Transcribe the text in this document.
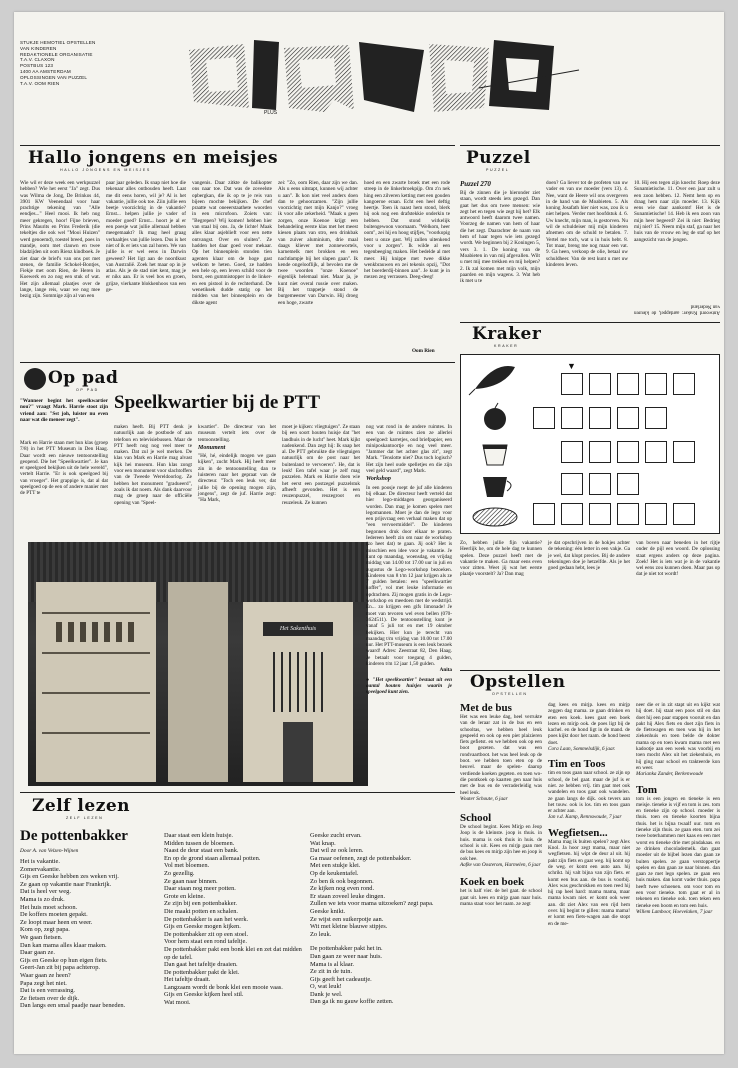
STUKJE HEMOTIEL OPSTELLEN
VAN KINDEREN
REDAKTIONELE ORGANISATIE
T.A.V. CLAXON
POSTBUS 123
1400 AA AMSTERDAM
OPLOSSINGEN VAN PUZZEL
T.A.V. OOM RIEN
PLUS
Hallo jongens en meisjes
HALLO JONGENS EN MEISJES
Wie wil er deze week een werkpuzzel hebben? Wie het eerst "Ja" zegt. Dus was Wilma de Jong, De Brinkos 44, 3901 KW Veenendaal voor haar prachtige tekening van "Alle eendjes..." Heel mooi. Ik heb nog meer gekregen, hoor! Fijne brieven, Prins Maurits en Prins Frederik (die tekeltjes die ook wel "Mooi Huizen" werd genoemd), roestel breed, poes in mandje, oom met clauwn en twee bladzijden uit oom Rienz kindboek. Je ziet daar de brief's van ons pot met stenen, de familie Schokel-Bontjes, Fiekje met oom Rien, de Heren in Koewerk en zo nog een stuk of wat. Het zijn allemaal plaatjes over de lange, lange reis, waar we nog mee bezig zijn. Sommige zijn al van een
paar jaar geleden. Ik snap niet hoe die tekenaar alles ontbouden heeft. Laat me dit eens horen, wil je? Al is het vakantie, jullie ook toe. Ziin jullie een beetje voorzichtig in de vakantie? Ernst... helpen jullie je vader of moeder goed? Ernst... hoort je al er een poesje wat jullie allemaal hebben meegemaakt? Ik mag heel graag verhaaltjes van jullie lezen. Dus is het niet of ik er iets van zal horen. We van jullie is er wel eens in Darwin geweest? Het ligt aan de noordkust van Australië. Zoek het maar op in je atlas. Als je de stad niet kent, mag je er niks aan. Er is veel bos en groen, grijze, vierkante blokkenhoos van een ge-
vangenis. Daar zitkte de balikopter ons naar toe. Dat was de zoveelste opbergkan, die ik op te je reis van bijeen mochte bekijken. De chef praatte wat oneeerstaathete woorden in een microfoon. Zoiets van: "Begrepen? Wij komen! hebben hier van staal bij ons. Ja, de lichte! Maak alles klaar asjeblieft voor een nette ontvangst. Over en sluiten". Ze hadden het daar goed voor mekaar. Op het binnenplein stonden tien agenten klaar om de hoge gast welkom te heten. Goed, ze hadden een hele op, een leven schild voor de borst, een gummistopper in de linker- en een pistool in de rechterhand. De wenetiksek dudde statig op het midden van het binnenplein en de dikste agent
zei: "Zo, oom Rien, daar zijn we dan. Als u eens uitstapt, kunnen wij achter u aan". Ik kon niet veel anders doen dan te gehoorzamen. "Zijn jullie voorzichtig met mijn Kanjo?" vroeg ik voor alle zekerheid. "Maak u geen zorgen, onze Koenoe krijgt een behandeling eerste klas met het meest kiesen plaats van stro, een drinkbak van zuiver aluminium, drie maal daags kliever met zonnewortels, karnemelk met brokken en een nachtlampje bij het slapen gaan". Ik kende ongelooflijk, al bevolen me de twee woorden "onze Koenoe" eigenlijk helemaal niet. Maar ja, je kunt niet overal russie over maken. Bij het trappetje stond de burgemeester van Darwin. Hij droeg een hoge, zwarte
hoed en een zwarte broek met een rode streep in de linkerbroekpijp. Om z'n nek hing een zilveren ketting met een gouden kangoeroe eraan. Echt een heel deftig heertje. Toen ik naast hem stond, blerk hij ook nog een drafstekkie onderkin te hebben. Dat stond wirkelijk buitengewoon voornaam. "Welkom, heer oom", zei hij en hoog stijfjes, "voorkopig bent u onze gast. Wij zullen uitenkend voor u zorgen". Ik wilde al een tegenbeeging maken. Het bedelde al met meer. Hij knippe met twee dikke wenkbrauwen en zei tekenis opzij, "Dot het boerderdij-binnen aan". Je kunt je in mezen zeg verrassen. Deeg-deeg!
Oom Rien
Puzzel
PUZZEL
Puzzel 270
Bij de zinnen die je hieronder ziet staan, wordt steeds iets gezegd. Dan gaat het dus om twee mensen: wie zegt het en tegen wie zegt hij het? Elk antwoord heeft daarom twee namen. Voorzeg de namen van hem of haar die het zegt. Daarachter de naam van hem of haar tegen wie iets gezegd wordt. We beginnen bij 2 Koningen 5, vers 3. 1. De koning van de Moabieten in van mij afgevallen. Wilt u met mij mee trekken en mij helpen? 2. Ik zal komen met mijn volk, mijn paarden en mijn wagens. 3. Wat heb ik met u te
doen? Ga liever tot de profeten van uw vader en van uw moeder (vers 13). 4. Nee, want de Heere wil ons overgeven in de hand van de Moabieten. 5. Als koning Josafath hier niet was, zou ik u niet helpen. Verder met hoofdstuk 4. 6. Uw knecht, mijn man, is gestorven. Nu wil de schuldeiser mij mijn kinderen afnemen om de schuld te betalen. 7. Vertel me toch, wat u in huis hebt. 8. Tot maar, breng me nog maar een vat. 9. Ga heen, verkoop de olie, betaal uw schuldheer. Van de rest kunt u met uw kinderen leven.
10. Hij een tegen zijn knecht: Roep deze Sunamietische. 11. Over een jaar zult u een zoon hebben. 12. Nemt hem op en draag hem naar zijn moeder. 13. Kijk eens wie daar aankomt! Het is de Sunamietische! 14. Heb ik een zoon van mijn heer begeerd? Zei ik niet: Bedrieg mij niet? 15. Neem mijn staf, ga naar het huis van de vrouw en leg de staf op het aangezicht van de jongen.
Antwoord Kraker: aardappel, de kleuren van Nederland
Kraker
KRAKER
▼
Zo, hebben jullie fijn vakantie? Heerlijk he, om de hele dag te kunnen spelen. Deze puzzel heeft met de vakantie te maken. Ga maar eens even voor zitten. Weet jij wat het eerste plaatje voorstelt? Ja? Dan mag
je dat opschrijven in de hokjes achter de tekening: één letter in een vakje. Ga je wel, dat klopt precies. Bij de andere tekeningen doe je hetzelfde. Als je het goed gedaan hebt, lees je
van boven naar beneden in het rijtje onder de pijl een woord. De oplossing staat ergens anders op deze pagina. Zoek! Het is iets wat je in de vakantie wel eens zou kunnen doen. Maar pas op dat je niet tot wordt!
Op pad
OP PAD
"Wanneer begint het speelkwartier nou?" vraagt Mark. Harrie stoot zijn vriend aan: "Sst joh, luister nu even naar wat die meneer zegt".
Mark en Harrie staan met hun klas (groep 7/8) in het PTT Museum in Den Haag. Daar wordt een nieuwe tentoonstelling geopend. Die het "Speelkwartier". Je kan er speelgoed bekijken uit de hele wereld", vertelt Harrie. "Er is ook speelgoed bij van vroeger". Het grappige is, dat al dat speelgoed op de een of andere manier met de PTT te
Speelkwartier bij de PTT
maken heeft. Bij PTT denk je natuurlijk aan de postbode of aan telefoon en televisiebussen. Maar de PTT heeft nog nog veel meer te maken. Dat zul je wel merken. De klas van Mark en Harrie mag alvast kijk hei museum. Hun klas zongt voor een monument voor slachtoffers van de Tweede Wereldoorlog. Ze hebben het monument "gradueerd", zoals ik dat noem. Als dank daarvoor mag de groep naar de officiële opening van "Speel-
kwartier". De directeur van het museum vertelt iets over de tentoonstelling.
Monument
"Hé, hé, eindelijk mogen we gaan kijken", zucht Mark. Hij heeft meer zin in de tentoonstelling dan te luisteren naar het gepraat van de directeur. "Toch een leuk ver, dat jullie bij de opening mogen zijn, jongens", zegt de juf. Harrie zegt: "Ha Mark,
moet je kijken: vliegtuigen". Ze staan bij een soort houten huisje dat "het landhuis in de lucht" heet. Mark kijkt nadenkend. Dan zegt hij: Ik snap het al. De PTT gebruikte die vliegtuigen natuurlijk om de post naar het buitenland te vervoeren". He, dat is leuk! Een tafel waar je zelf mag puzzelen. Mark en Harrie doen wie het eerst een postzegel puzzelstuk afheeft gevonden. Het is een reuzenpuzzel, reuzegroot en reuzeleuk. Ze kunnen
Het Sakenthuis
nog wat rond in de andere ruimtes. In een van de ruimtes zien ze allerlei speelgoed: karretjes, oud briefpapier, een miniposkantoortje en nog veel meer. "Jammer dat het achter glas zit", zegt Mark. "Tenslotte niet? Dus toch logisch? Het zijn heel oude spelletjes en die zijn veel geld waard", zegt Mark.
Workshop
In een poosje roept de juf alle kinderen bij elkaar. De directeur heeft verteld dat hier lego-middagen georganiseerd worden. Dan mag je komen spelen met legomannen. Moet je dan de lego voor een prijsvraag een verhaal maken dat op "een vervoermiddel". De kinderen begonnen druk door elkaar te praten. Iedereen heeft zin om naar de workshop (zo heet dat) te gaan. Jij ook? Het is misschien een idee voor je vakantie. Je kunt op maandag, woensdag, en vrijdag middag van 14.00 tot 17.00 uur in juli en augustus de Lego-workshop bezoeken. Kinderen van 8 t/m 12 jaar krijgen als ze 7 gulden betalen: een "speelkwartier koffer", vol met leuke informatie en opdrachten. Zij mogen gratis in de Lego-workshop en meedoen met de wedstrijd. En... zo krijgen een gifs limonade! Je moet van tevoren wel even bellen (070-3624511). De tentoonstelling kunt je vanaf 5 juli tot en met 19 oktober bekijken. Hier kun je terecht van maandag t/m vrijdag van 10.00 tot 17.00 uur. Het PTT-museum is een leuk bezoek waard! Adres: Zeestraat 82, Den Haag. Je betaalt voor toegang 4 gulden, kinderen t/m 12 jaar 1,50 gulden.
Anita
● "Het speelkwartier" bestaat uit een aantal houten huisjes waarin je speelgoed kunt zien.
Zelf lezen
ZELF LEZEN
De pottenbakker
Door A. van Velzen-Wijnen
Het is vakantie.
Zomervakantie.
Gijs en Geeske hebben zes weken vrij.
Ze gaan op vakantie naar Frankrijk.
Dat is heel ver weg.
Mama is zo druk.
Het huis moet schoon.
De koffers moeten gepakt.
Ze loopt maar heen en weer.
Kom op, zegt papa.
We gaan fietsen.
Dan kan mama alles klaar maken.
Daar gaan ze.
Gijs en Geeske op hun eigen fiets.
Geert-Jan zit bij papa achterop.
Waar gaan ze heen?
Papa zegt het niet.
Dat is een verrassing.
Ze fietsen over de dijk.
Dan langs een smal paadje naar beneden.
Daar staat een klein huisje.
Midden tussen de bloemen.
Naast de deur staat een bank.
En op de grond staan allemaal potten.
Vol met bloemen.
Zo gezellig.
Ze gaan naar binnen.
Daar staan nog meer potten.
Grote en kleine.
Ze zijn bij een pottenbakker.
Die maakt potten en schalen.
De pottenbakker is aan het werk.
Gijs en Geeske mogen kijken.
De pottenbakker zit op een stoel.
Voor hem staat een rond tafeltje.
De pottenbakker pakt een bonk klei en zet dat midden op de tafel.
Dan gaat het tafeltje draaien.
De pottenbakker pakt de klei.
Het tafeltje draait.
Langzaam wordt de bonk klei een mooie vaas.
Gijs en Geeske kijken heel stil.
Wat mooi.
Geeske zucht ervan.
Wat knap.
Dat wil ze ook leren.
Ga maar oefenen, zegt de pottenbakker.
Met een stukje klei.
Op de keukentafel.
Zo ben ik ook begonnen.
Ze kijken nog even rond.
Er staan zoveel leuke dingen.
Zullen we iets voor mama uitzoeken? zegt papa.
Geeske knikt.
Ze wijst een suikerpotje aan.
Wit met kleine blauwe stipjes.
Zo leuk.
De pottenbakker pakt het in.
Dan gaan ze weer naar huis.
Mama is al klaar.
Ze zit in de tuin.
Gijs geeft het cadeautje.
O, wat leuk!
Dank je wel.
Dan ga ik nu gauw koffie zetten.
Opstellen
OPSTELLEN
Met de bus
Het was een leuke dag, heel verrukte van de leraar zat in de bus en een schooltas, we hebben heel leuk gespeeld en ook op een piet plaizieren fiets gefietst. en we hebben ook op een boot gezeten. dat was een rondvaartboot. het was heel leuk op de boot. we hebben toen eten op de heuvel. maar de spelen- daarop verdiende koeken gegeten. en toen wo- die pontkoek op kaarten gen naar huis met de bus en de verraderleidig was heel leuk.
Wouter Schoute, 6 jaar
School
De school begint. Kees Mirjp en Jeop Joop is de kleinste. joop is thuis. in huis. mama is ook thuis in huis. de school is uit. Kees en mirjp gaan met de bus kees en mirjp zijn hee en joop is ook hee.
Aafke van Oosterom, Harmelen, 6 jaar
Koek en boek
het is half vier. de bel gaat. de school gaat uit. kees en mirjp gaan naar huis. mama staat voor het raam. ze zegt
dag kees en mirjp. kees en mirjp zeggen dag mama. ze gaan drinken en eten een koek. kees gaat een boek lezen en mirjp ook. de poes ligt bij de kachel. en de hond ligt in de mand. de poes kijkt door het raam. de hond beest doet.
Cora Laan, Sommelsdijk, 6 jaar.
Tim en Toos
tim en toos gaan naar school. ze zijn op school, de bel gaat. maar de juf is er niet. ze hebben vrij. tim gaat met ook wandelen en toos gaat ook wandelen. ze gaan langs de dijk. ook tevers aan het touw. ook is los. tim en toos gaan er achter aan.
Jan v.d. Kamp, Rennswoude, 7 jaar
Wegfietsen...
Mama mag ik buiten spelen? zegt Alex Knol. Ja hoor zegt mama, maar niet wegfietsen. hij wipt de deur al uit. hij pakt zijn fiets en gaat weg. hij komt op de weg. er komt een auto aan. hij schrikt. hij valt bijna van zijn fiets. er komt een bus aan. de bus is voorbij. Alex was geschrokken en toen reed hij hij rap heel hard: mama mama, maar mama kwam niet. er komt ook weer aan. dit ziet Alex van een rijd hem over. hij begint te gillen: mama mama! er komt een fiets-wagen aan die stopt en de me-
neer die er in zit stapt uit en kijkt wat hij doet. hij staat een poos stil en dan doet hij een paar stappen vooruit en dan pakt hij Alex fiets en doet zijn fiets in de fietswagen en toen was hij in het ziekenhuis en toen belde de dokter mama op en toen kwam mama met een kadootje aan een week was voorbij en toen mocht Alex uit het ziekenhuis, en hij ging naar school en trakteerde kon en weer.
Marianka Zander, Berkenwoude
Tom
tom is een jongen en tieneke is een meisje. tieneke is vijf en tom is zes. tom en tieneke zijn op school. moeder is thuis. toen en tieneke koorten bijna thuis. het is bijna twaalf uur. tom en tieneke zijn thuis. ze gaan eten. tom zei twee boterhammen met kaas en een met worst en tieneke drie met pindakaas. en ze drinken chocolademelk. dan gaat moeder uit de bijbel lezen dan gaan ze buiten spelen. ze gaan verstoppertje spelen en dan gaan ze naar binnen. dan gaan ze met lego spelen. ze gaan een huis maken. dan komt vader thuis. papa heeft twee schoenen. om voor tom en een voor tieneke. tom gaat er al in tekenen en tieneke ook. toen teken een tieneke een boom en tom een huis.
Willem Lamboor, Hoevelaken, 7 jaar
